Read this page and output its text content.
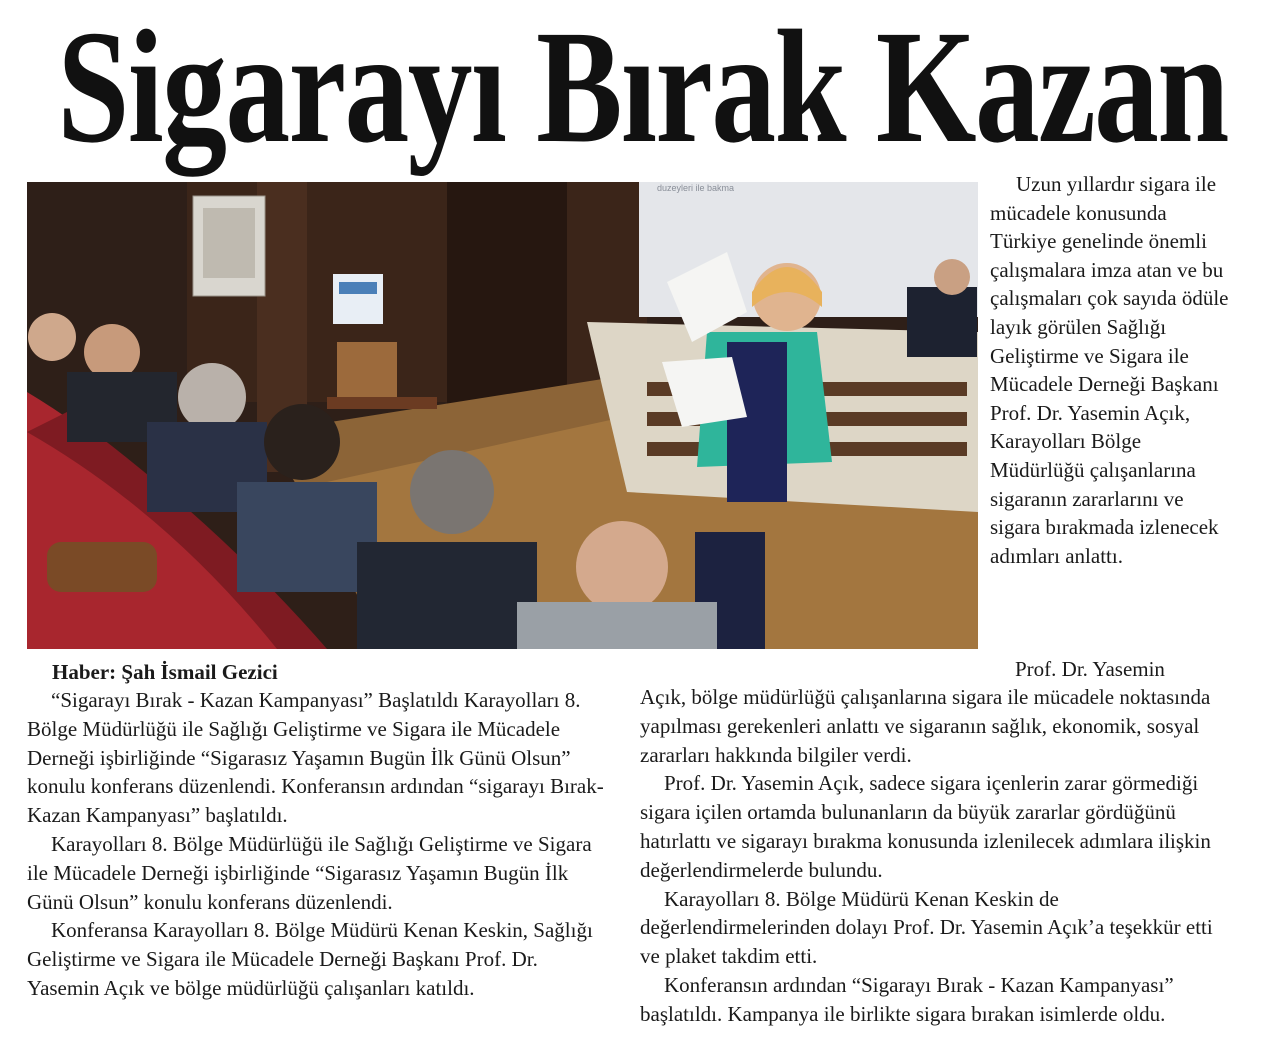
Sigarayı Bırak Kazan
duzeyleri ile bakma	Uzun yıllardır sigara ile mücadele konusunda Türkiye genelinde önemli çalışmalara imza atan ve bu çalışmaları çok sayıda ödüle layık görülen Sağlığı Geliştirme ve Sigara ile Mücadele Derneği Başkanı Prof. Dr. Yasemin Açık, Karayolları Bölge Müdürlüğü çalışanlarına sigaranın zararlarını ve sigara bırakmada izlenecek adımları anlattı.

Haber: Şah İsmail Gezici

“Sigarayı Bırak - Kazan Kampanyası” Başlatıldı Karayolları 8. Bölge Müdürlüğü ile Sağlığı Geliştirme ve Sigara ile Mücadele Derneği işbirliğinde “Sigarasız Yaşamın Bugün İlk Günü Olsun” konulu konferans düzenlendi. Konferansın ardından “sigarayı Bırak-Kazan Kampanyası” başlatıldı.

Karayolları 8. Bölge Müdürlüğü ile Sağlığı Geliştirme ve Sigara ile Mücadele Derneği işbirliğinde “Sigarasız Yaşamın Bugün İlk Günü Olsun” konulu konferans düzenlendi.

Konferansa Karayolları 8. Bölge Müdürü Kenan Keskin, Sağlığı Geliştirme ve Sigara ile Mücadele Derneği Başkanı Prof. Dr. Yasemin Açık ve bölge müdürlüğü çalışanları katıldı.

Prof. Dr. Yasemin

Açık, bölge müdürlüğü çalışanlarına sigara ile mücadele noktasında yapılması gerekenleri anlattı ve sigaranın sağlık, ekonomik, sosyal zararları hakkında bilgiler verdi.

Prof. Dr. Yasemin Açık, sadece sigara içenlerin zarar görmediği sigara içilen ortamda bulunanların da büyük zararlar gördüğünü hatırlattı ve sigarayı bırakma konusunda izlenilecek adımlara ilişkin değerlendirmelerde bulundu.

Karayolları 8. Bölge Müdürü Kenan Keskin de değerlendirmelerinden dolayı Prof. Dr. Yasemin Açık’a teşekkür etti ve plaket takdim etti.

Konferansın ardından “Sigarayı Bırak - Kazan Kampanyası” başlatıldı. Kampanya ile birlikte sigara bırakan isimlerde oldu.
